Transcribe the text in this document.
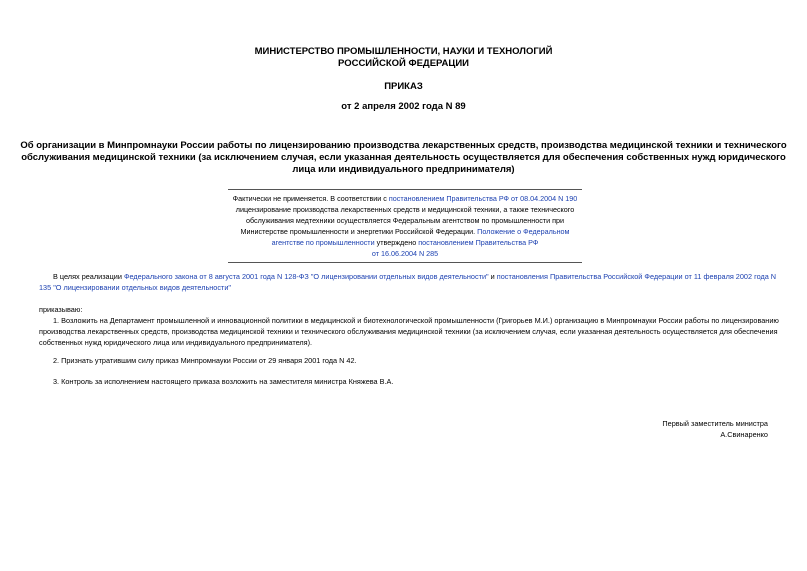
МИНИСТЕРСТВО ПРОМЫШЛЕННОСТИ, НАУКИ И ТЕХНОЛОГИЙ
РОССИЙСКОЙ ФЕДЕРАЦИИ
ПРИКАЗ
от 2 апреля 2002 года N 89
Об организации в Минпромнауки России работы по лицензированию производства лекарственных средств, производства медицинской техники и технического
обслуживания медицинской техники (за исключением случая, если указанная деятельность осуществляется для обеспечения собственных нужд юридического
лица или индивидуального предпринимателя)
Фактически не применяется. В соответствии с постановлением Правительства РФ от 08.04.2004 N 190
лицензирование производства лекарственных средств и медицинской техники, а также технического
обслуживания медтехники осуществляется Федеральным агентством по промышленности при
Министерстве промышленности и энергетики Российской Федерации. Положение о Федеральном
агентстве по промышленности утверждено постановлением Правительства РФ
от 16.06.2004 N 285
В целях реализации Федерального закона от 8 августа 2001 года N 128-ФЗ "О лицензировании отдельных видов деятельности" и постановления Правительства Российской Федерации от 11 февраля 2002 года N
135 "О лицензировании отдельных видов деятельности"
приказываю:
1. Возложить на Департамент промышленной и инновационной политики в медицинской и биотехнологической промышленности (Григорьев М.И.) организацию в Минпромнауки России работы по лицензированию
производства лекарственных средств, производства медицинской техники и технического обслуживания медицинской техники (за исключением случая, если указанная деятельность осуществляется для обеспечения
собственных нужд юридического лица или индивидуального предпринимателя).
2. Признать утратившим силу приказ Минпромнауки России от 29 января 2001 года N 42.
3. Контроль за исполнением настоящего приказа возложить на заместителя министра Княжева В.А.
Первый заместитель министра
А.Свинаренко
